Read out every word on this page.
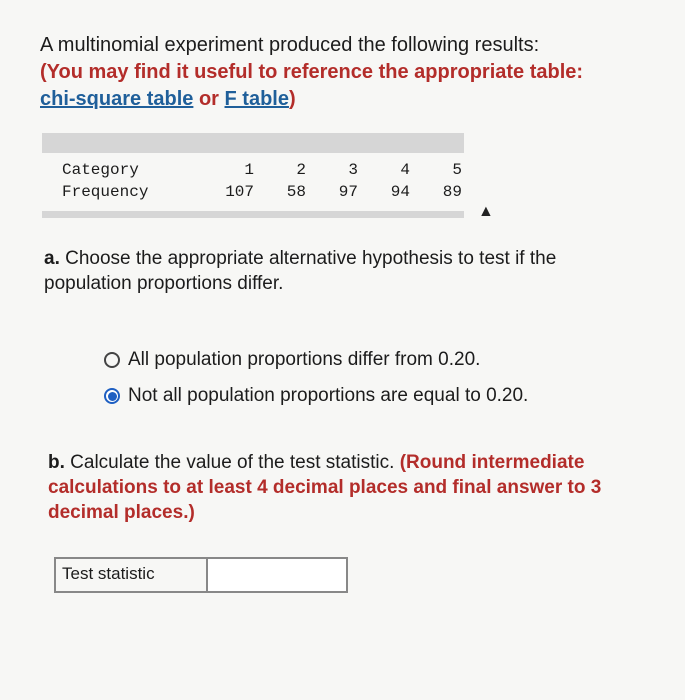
A multinomial experiment produced the following results:
(You may find it useful to reference the appropriate table:
chi-square table or F table)
Category	1	2	3	4	5
Frequency	107	58	97	94	89
▲
a. Choose the appropriate alternative hypothesis to test if the population proportions differ.
All population proportions differ from 0.20.
Not all population proportions are equal to 0.20.
b. Calculate the value of the test statistic. (Round intermediate calculations to at least 4 decimal places and final answer to 3 decimal places.)
Test statistic
